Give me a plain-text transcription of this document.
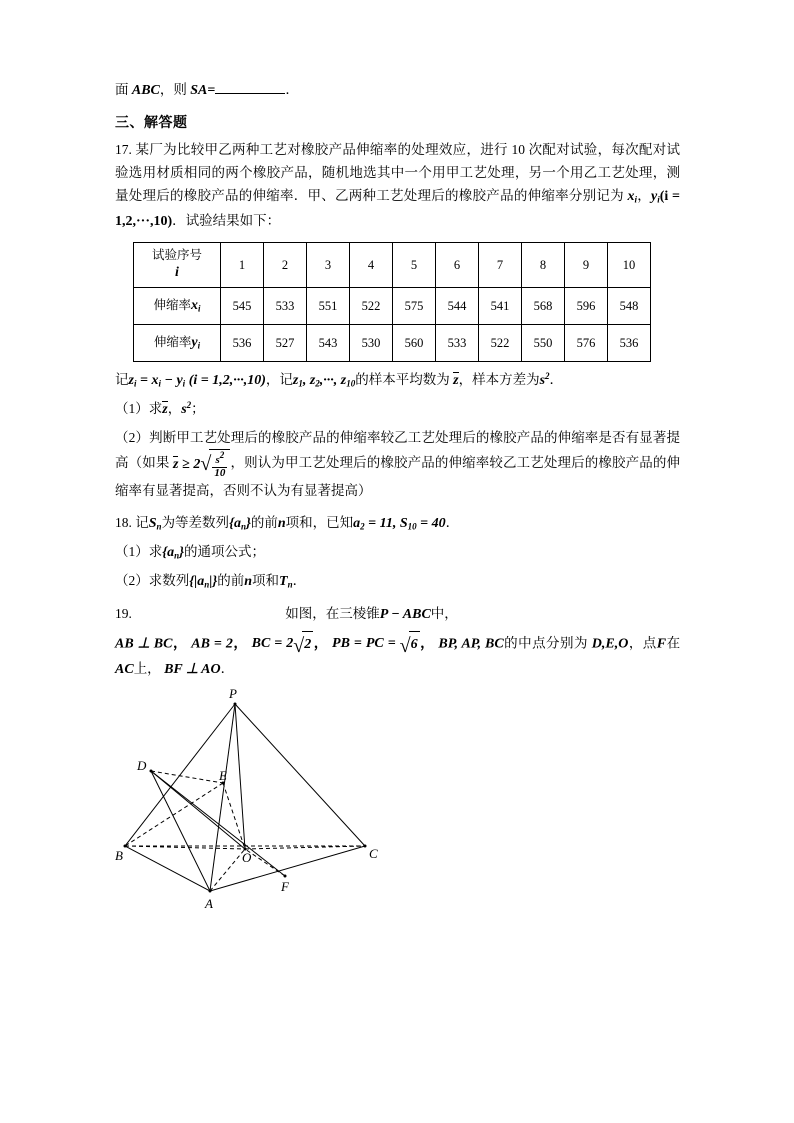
面 ABC，则 SA=	．
三、解答题
17. 某厂为比较甲乙两种工艺对橡胶产品伸缩率的处理效应，进行 10 次配对试验，每次配对试验选用材质相同的两个橡胶产品，随机地选其中一个用甲工艺处理，另一个用乙工艺处理，测量处理后的橡胶产品的伸缩率．甲、乙两种工艺处理后的橡胶产品的伸缩率分别记为 $x_i$，$y_i(i = 1,2,\cdot\cdot\cdot,10)$．试验结果如下：
试验序号
i	1	2	3	4	5	6	7	8	9	10
伸缩率$x_i$	545	533	551	522	575	544	541	568	596	548
伸缩率$y_i$	536	527	543	530	560	533	522	550	576	536
记$z_i = x_i - y_i$ (i = 1,2,···,10)，记z1, z2,···, z10的样本平均数为 z，样本方差为$s^2$．
（1）求z，$s^2$；
（2）判断甲工艺处理后的橡胶产品的伸缩率较乙工艺处理后的橡胶产品的伸缩率是否有显著提高（如果 z ≥ 2 √ $\frac{s^2}{10}$ ，则认为甲工艺处理后的橡胶产品的伸缩率较乙工艺处理后的橡胶产品的伸缩率有显著提高，否则不认为有显著提高）
18. 记$S_n$为等差数列$\{a_n\}$的前n项和，已知a2 = 11, S10 = 40．
（1）求$\{a_n\}$的通项公式；
（2）求数列$\{|a_n|\}$的前n项和$T_n$．
19.	如图，在三棱锥P − ABC中，
AB ⊥ BC， AB = 2， BC = 2 √ 2 ， PB = PC = √ 6 ， BP, AP, BC的中点分别为 D,E,O，点F在AC上， BF ⊥ AO．
P
D
E
B	O	C
A
F
